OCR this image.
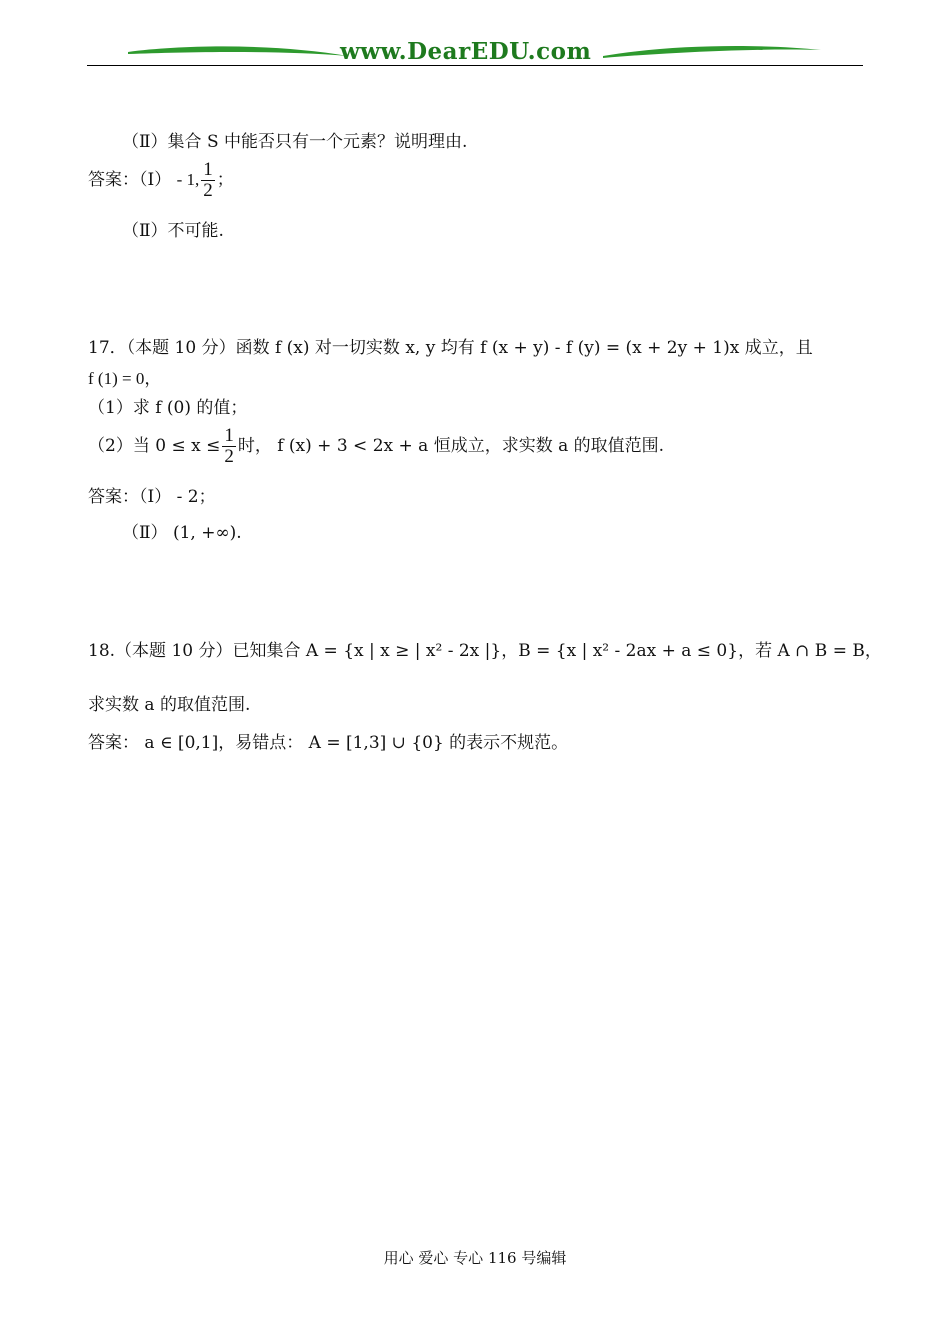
www.DearEDU.com
（Ⅱ）集合 S 中能否只有一个元素？说明理由.
答案：（Ⅰ） - 1, $\frac{1}{2}$ ；
（Ⅱ）不可能.
17．（本题 10 分）函数 f (x) 对一切实数 x, y 均有 f (x + y) - f (y) = (x + 2y + 1)x 成立，且
f (1) = 0，
（1）求 f (0) 的值；
（2）当 $0 \le x \le \frac{1}{2}$ 时， f (x) + 3 < 2x + a 恒成立，求实数 a 的取值范围.
答案：（Ⅰ） - 2；
（Ⅱ） (1, +∞).
18.（本题 10 分）已知集合 A = {x | x ≥ | x² - 2x |}，B = {x | x² - 2ax + a ≤ 0}，若 A ∩ B = B，
求实数 a 的取值范围.
答案： a ∈ [0,1]，易错点： A = [1,3] ∪ {0} 的表示不规范。
用心 爱心 专心 116 号编辑
